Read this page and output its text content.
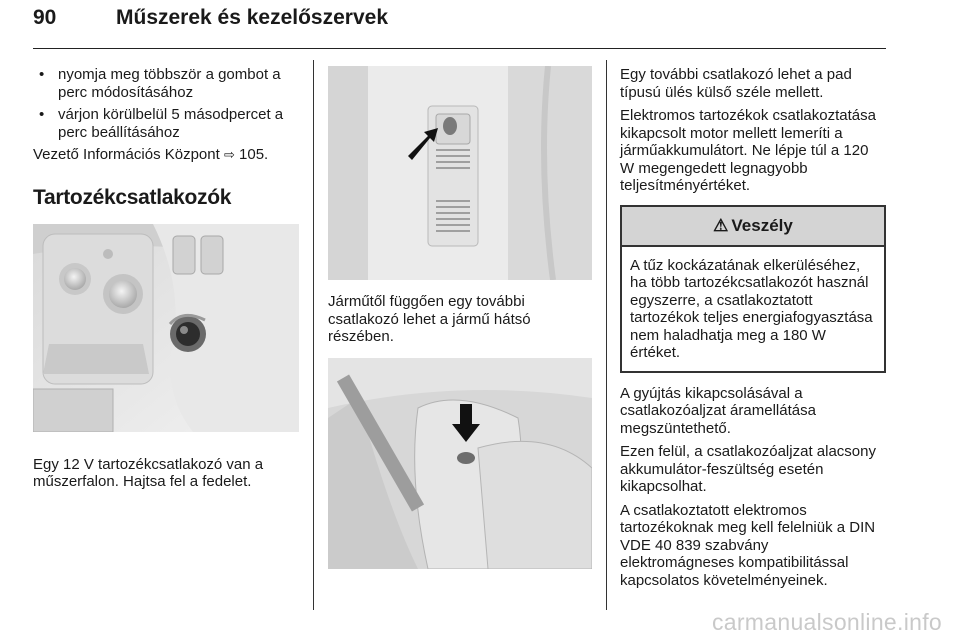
90	Műszerek és kezelőszervek
• nyomja meg többször a gombot a perc módosításához
• várjon körülbelül 5 másodpercet a perc beállításához

Vezető Információs Központ ⇨ 105.

Tartozékcsatlakozók

Egy 12 V tartozékcsatlakozó van a műszerfalon. Hajtsa fel a fedelet.

Járműtől függően egy további csatlakozó lehet a jármű hátsó részében.

Egy további csatlakozó lehet a pad típusú ülés külső széle mellett.

Elektromos tartozékok csatlakoztatása kikapcsolt motor mellett lemeríti a járműakkumulátort. Ne lépje túl a 120 W megengedett legnagyobb teljesítményértéket.

⚠ Veszély

A tűz kockázatának elkerüléséhez, ha több tartozékcsatlakozót használ egyszerre, a csatlakoztatott tartozékok teljes energiafogyasztása nem haladhatja meg a 180 W értéket.

A gyújtás kikapcsolásával a csatlakozóaljzat áramellátása megszüntethető.

Ezen felül, a csatlakozóaljzat alacsony akkumulátor-feszültség esetén kikapcsolhat.

A csatlakoztatott elektromos tartozékoknak meg kell felelniük a DIN VDE 40 839 szabvány elektromágneses kompatibilitással kapcsolatos követelményeinek.

carmanualsonline.info
